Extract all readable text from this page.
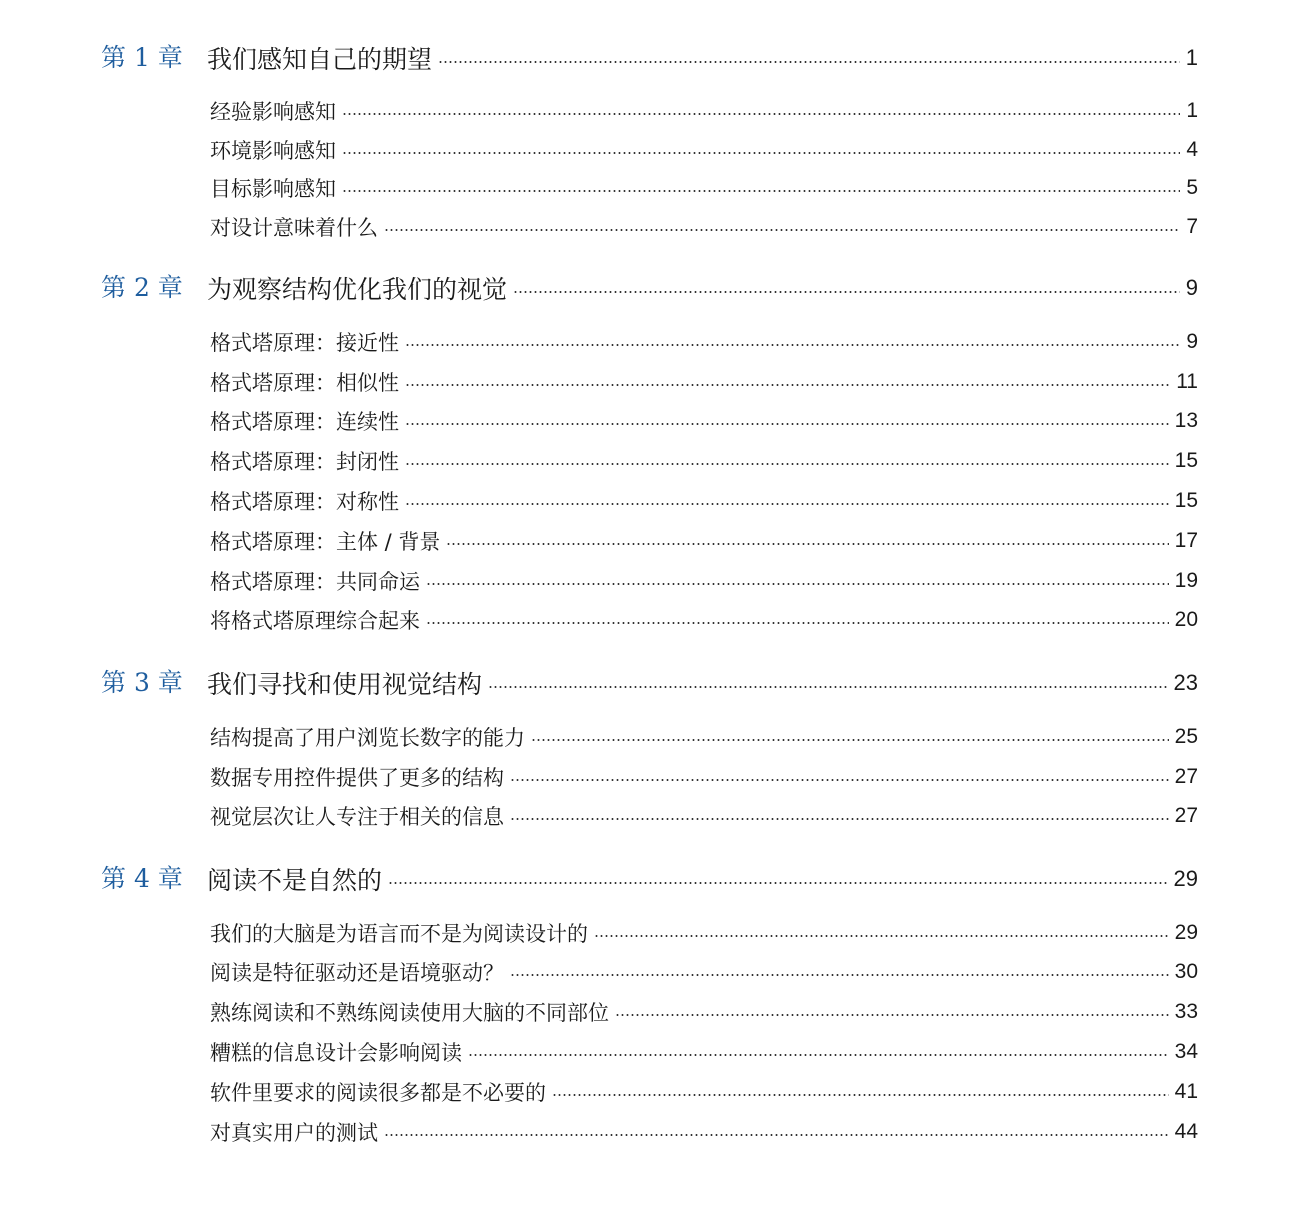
第 1 章 我们感知自己的期望	1
经验影响感知	1
环境影响感知	4
目标影响感知	5
对设计意味着什么	7
第 2 章 为观察结构优化我们的视觉	9
格式塔原理：接近性	9
格式塔原理：相似性	11
格式塔原理：连续性	13
格式塔原理：封闭性	15
格式塔原理：对称性	15
格式塔原理：主体 / 背景	17
格式塔原理：共同命运	19
将格式塔原理综合起来	20
第 3 章 我们寻找和使用视觉结构	23
结构提高了用户浏览长数字的能力	25
数据专用控件提供了更多的结构	27
视觉层次让人专注于相关的信息	27
第 4 章 阅读不是自然的	29
我们的大脑是为语言而不是为阅读设计的	29
阅读是特征驱动还是语境驱动？	30
熟练阅读和不熟练阅读使用大脑的不同部位	33
糟糕的信息设计会影响阅读	34
软件里要求的阅读很多都是不必要的	41
对真实用户的测试	44
